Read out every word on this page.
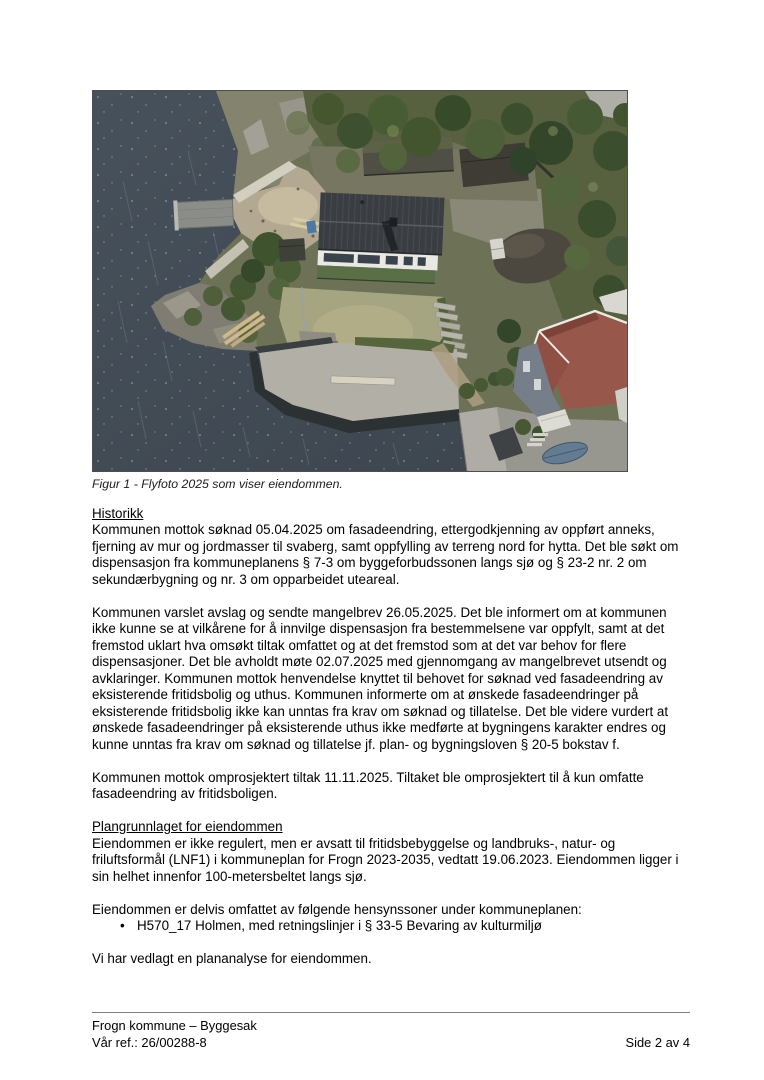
Figur 1 - Flyfoto 2025 som viser eiendommen.
Historikk

Kommunen mottok søknad 05.04.2025 om fasadeendring, ettergodkjenning av oppført anneks, fjerning av mur og jordmasser til svaberg, samt oppfylling av terreng nord for hytta. Det ble søkt om dispensasjon fra kommuneplanens § 7-3 om byggeforbudssonen langs sjø og § 23-2 nr. 2 om sekundærbygning og nr. 3 om opparbeidet uteareal.

Kommunen varslet avslag og sendte mangelbrev 26.05.2025. Det ble informert om at kommunen ikke kunne se at vilkårene for å innvilge dispensasjon fra bestemmelsene var oppfylt, samt at det fremstod uklart hva omsøkt tiltak omfattet og at det fremstod som at det var behov for flere dispensasjoner. Det ble avholdt møte 02.07.2025 med gjennomgang av mangelbrevet utsendt og avklaringer. Kommunen mottok henvendelse knyttet til behovet for søknad ved fasadeendring av eksisterende fritidsbolig og uthus. Kommunen informerte om at ønskede fasadeendringer på eksisterende fritidsbolig ikke kan unntas fra krav om søknad og tillatelse. Det ble videre vurdert at ønskede fasadeendringer på eksisterende uthus ikke medførte at bygningens karakter endres og kunne unntas fra krav om søknad og tillatelse jf. plan- og bygningsloven § 20-5 bokstav f.

Kommunen mottok omprosjektert tiltak 11.11.2025. Tiltaket ble omprosjektert til å kun omfatte fasadeendring av fritidsboligen.

Plangrunnlaget for eiendommen

Eiendommen er ikke regulert, men er avsatt til fritidsbebyggelse og landbruks-, natur- og friluftsformål (LNF1) i kommuneplan for Frogn 2023-2035, vedtatt 19.06.2023. Eiendommen ligger i sin helhet innenfor 100-metersbeltet langs sjø.

Eiendommen er delvis omfattet av følgende hensynssoner under kommuneplanen:

• H570_17 Holmen, med retningslinjer i § 33-5 Bevaring av kulturmiljø

Vi har vedlagt en plananalyse for eiendommen.

Frogn kommune – Byggesak
Vår ref.: 26/00288-8	Side 2 av 4
